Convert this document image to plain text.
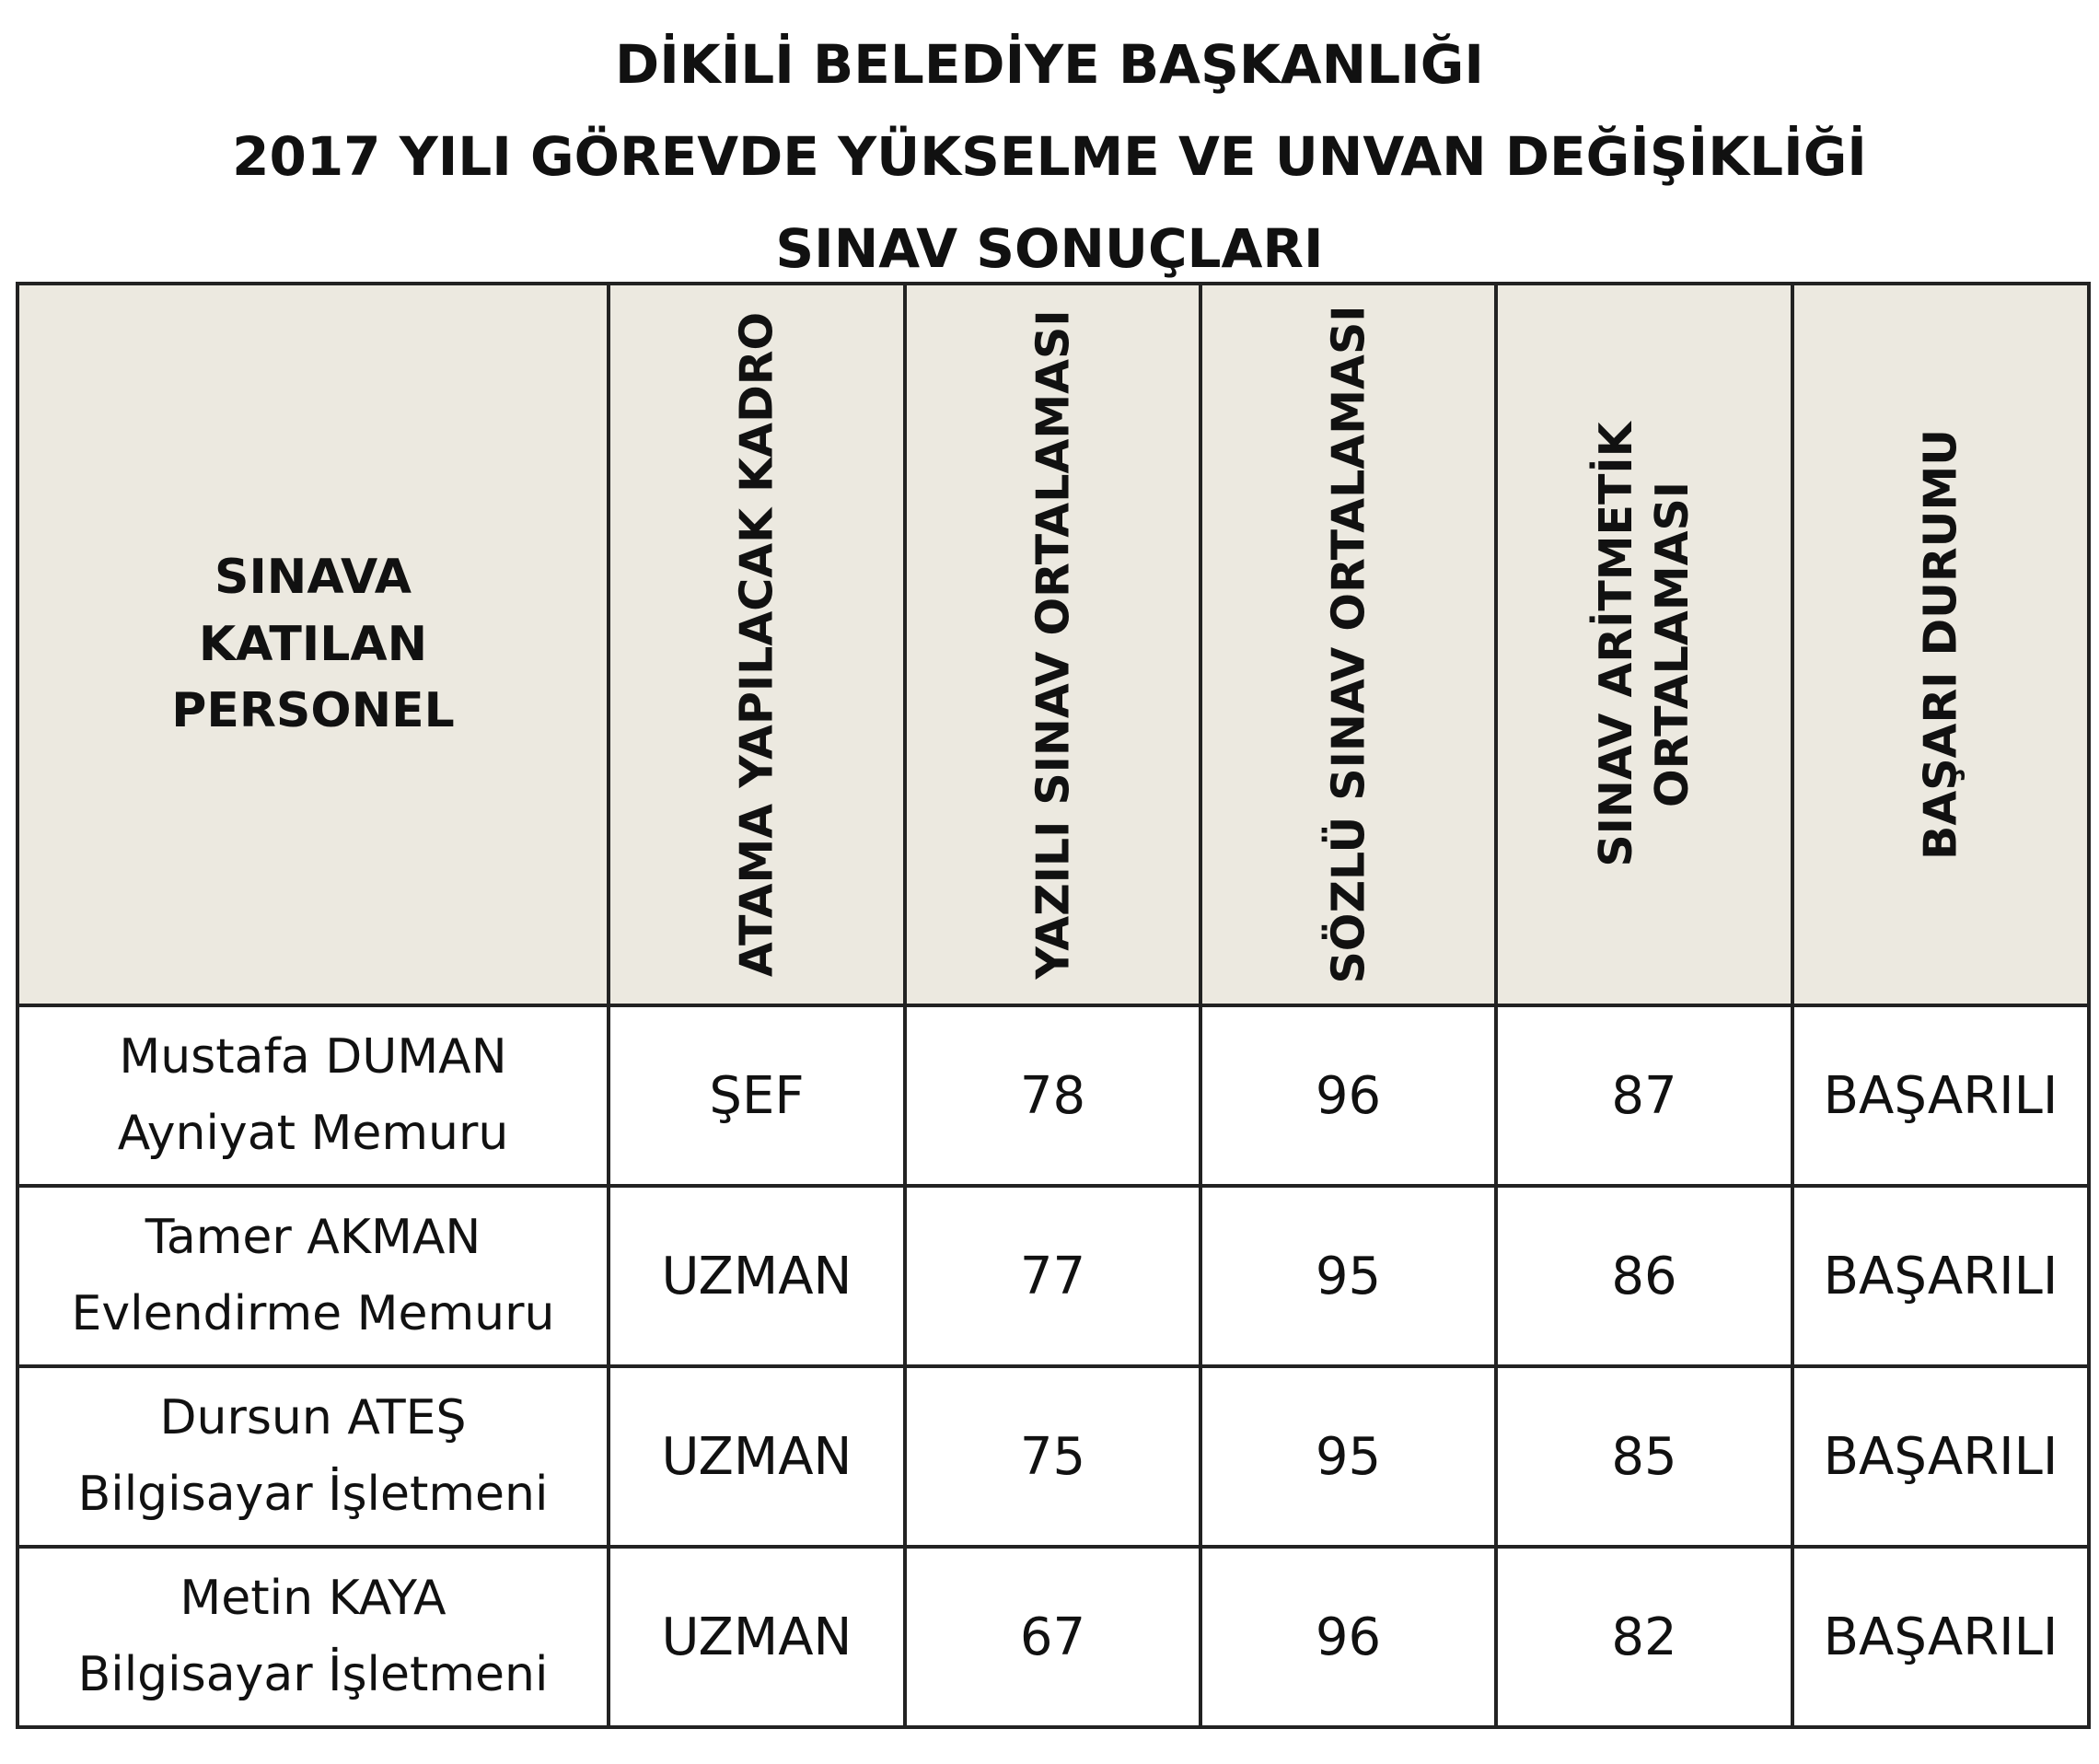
DİKİLİ BELEDİYE BAŞKANLIĞI
2017 YILI GÖREVDE YÜKSELME VE UNVAN DEĞİŞİKLİĞİ
SINAV SONUÇLARI
SINAVA KATILAN PERSONEL	ATAMA YAPILACAK KADRO	YAZILI SINAV ORTALAMASI	SÖZLÜ SINAV ORTALAMASI	SINAV ARİTMETİK ORTALAMASI	BAŞARI DURUMU

Mustafa DUMAN
Ayniyat Memuru	ŞEF	78	96	87	BAŞARILI

Tamer AKMAN
Evlendirme Memuru	UZMAN	77	95	86	BAŞARILI

Dursun ATEŞ
Bilgisayar İşletmeni	UZMAN	75	95	85	BAŞARILI

Metin KAYA
Bilgisayar İşletmeni	UZMAN	67	96	82	BAŞARILI
